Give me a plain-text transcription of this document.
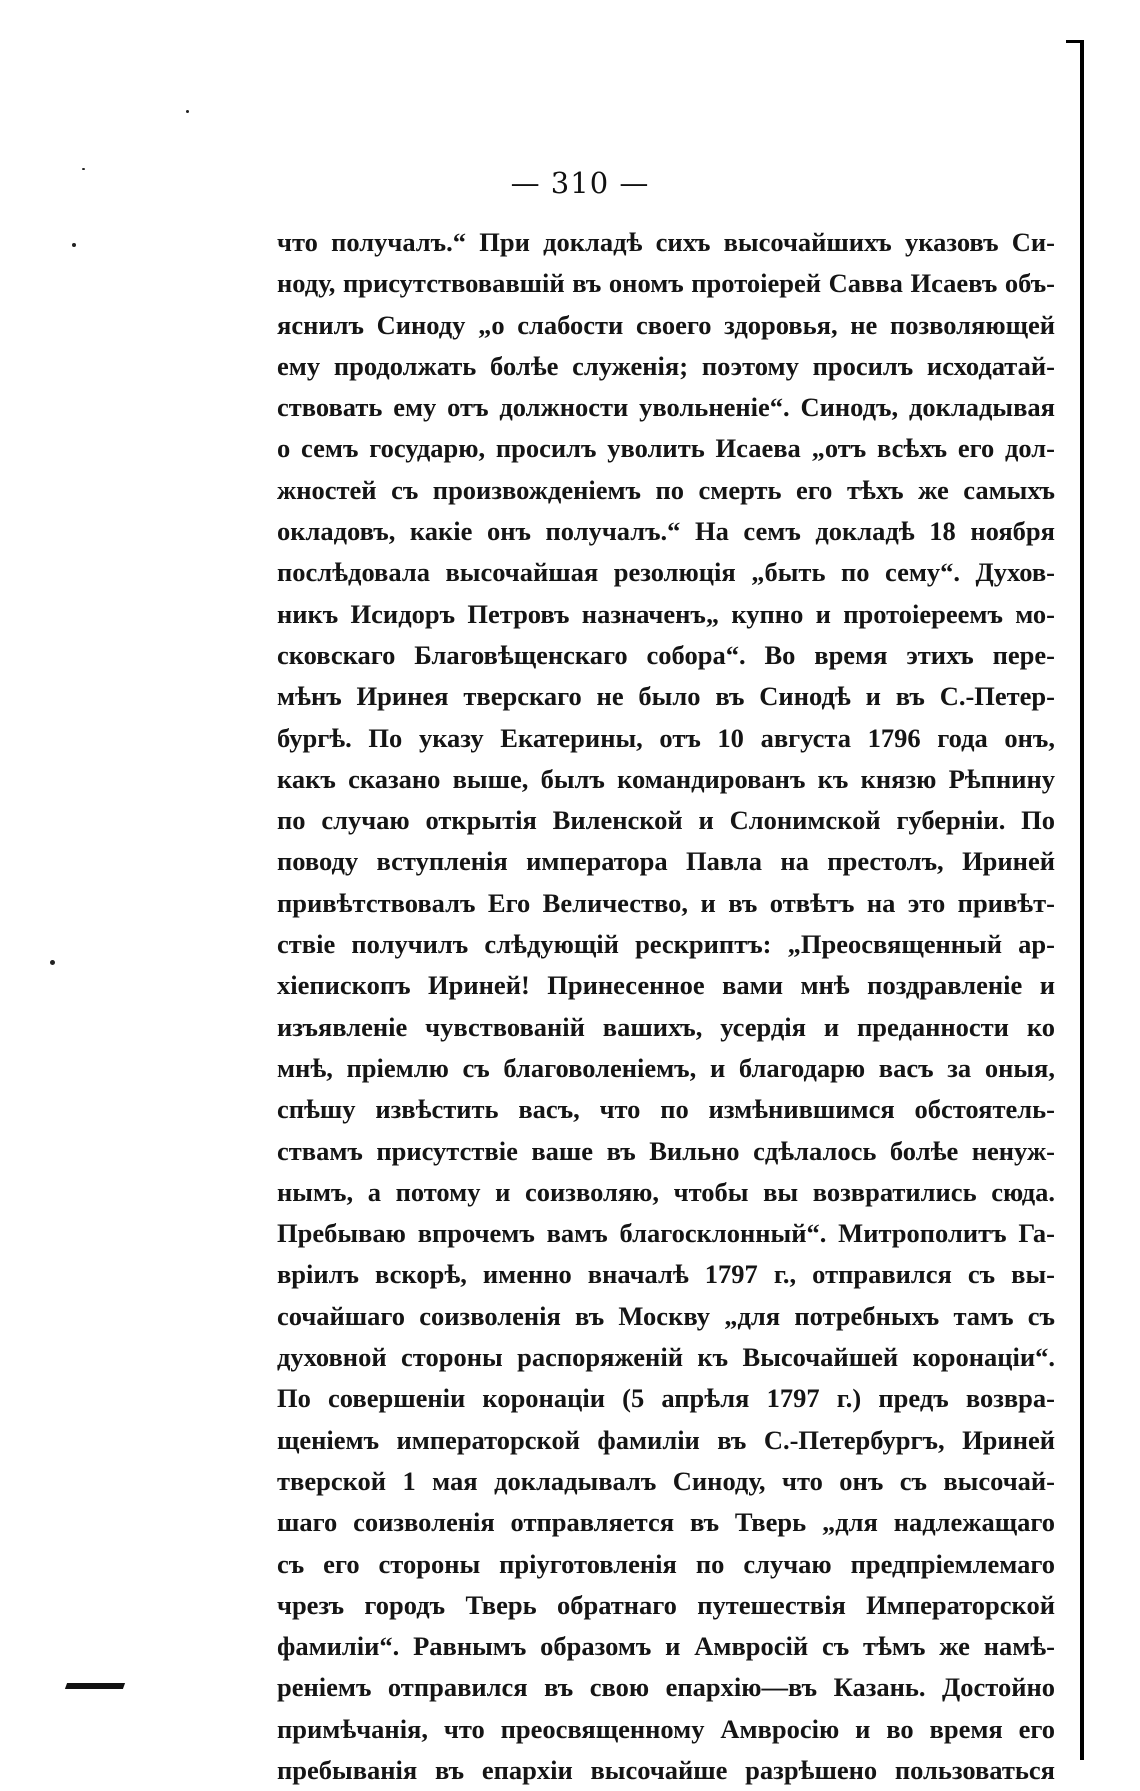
— 310 —
что получалъ.“ При докладѣ сихъ высочайшихъ указовъ Си-
ноду, присутствовавшій въ ономъ протоіерей Савва Исаевъ объ-
яснилъ Синоду „о слабости своего здоровья, не позволяющей
ему продолжать болѣе служенія; поэтому просилъ исходатай-
ствовать ему отъ должности увольненіе“. Синодъ, докладывая
о семъ государю, просилъ уволить Исаева „отъ всѣхъ его дол-
жностей съ произвожденіемъ по смерть его тѣхъ же самыхъ
окладовъ, какіе онъ получалъ.“ На семъ докладѣ 18 ноября
послѣдовала высочайшая резолюція „быть по сему“. Духов-
никъ Исидоръ Петровъ назначенъ„ купно и протоіереемъ мо-
сковскаго Благовѣщенскаго собора“. Во время этихъ пере-
мѣнъ Иринея тверскаго не было въ Синодѣ и въ С.-Петер-
бургѣ. По указу Екатерины, отъ 10 августа 1796 года онъ,
какъ сказано выше, былъ командированъ къ князю Рѣпнину
по случаю открытія Виленской и Слонимской губерніи. По
поводу вступленія императора Павла на престолъ, Ириней
привѣтствовалъ Его Величество, и въ отвѣтъ на это привѣт-
ствіе получилъ слѣдующій рескриптъ: „Преосвященный ар-
хіепископъ Ириней! Принесенное вами мнѣ поздравленіе и
изъявленіе чувствованій вашихъ, усердія и преданности ко
мнѣ, пріемлю съ благоволеніемъ, и благодарю васъ за оныя,
спѣшу извѣстить васъ, что по измѣнившимся обстоятель-
ствамъ присутствіе ваше въ Вильно сдѣлалось болѣе ненуж-
нымъ, а потому и соизволяю, чтобы вы возвратились сюда.
Пребываю впрочемъ вамъ благосклонный“. Митрополитъ Га-
вріилъ вскорѣ, именно вначалѣ 1797 г., отправился съ вы-
сочайшаго соизволенія въ Москву „для потребныхъ тамъ съ
духовной стороны распоряженій къ Высочайшей коронаціи“.
По совершеніи коронаціи (5 апрѣля 1797 г.) предъ возвра-
щеніемъ императорской фамиліи въ С.-Петербургъ, Ириней
тверской 1 мая докладывалъ Синоду, что онъ съ высочай-
шаго соизволенія отправляется въ Тверь „для надлежащаго
съ его стороны пріуготовленія по случаю предпріемлемаго
чрезъ городъ Тверь обратнаго путешествія Императорской
фамиліи“. Равнымъ образомъ и Амвросій съ тѣмъ же намѣ-
реніемъ отправился въ свою епархію—въ Казань. Достойно
примѣчанія, что преосвященному Амвросію и во время его
пребыванія въ епархіи высочайше разрѣшено пользоваться
